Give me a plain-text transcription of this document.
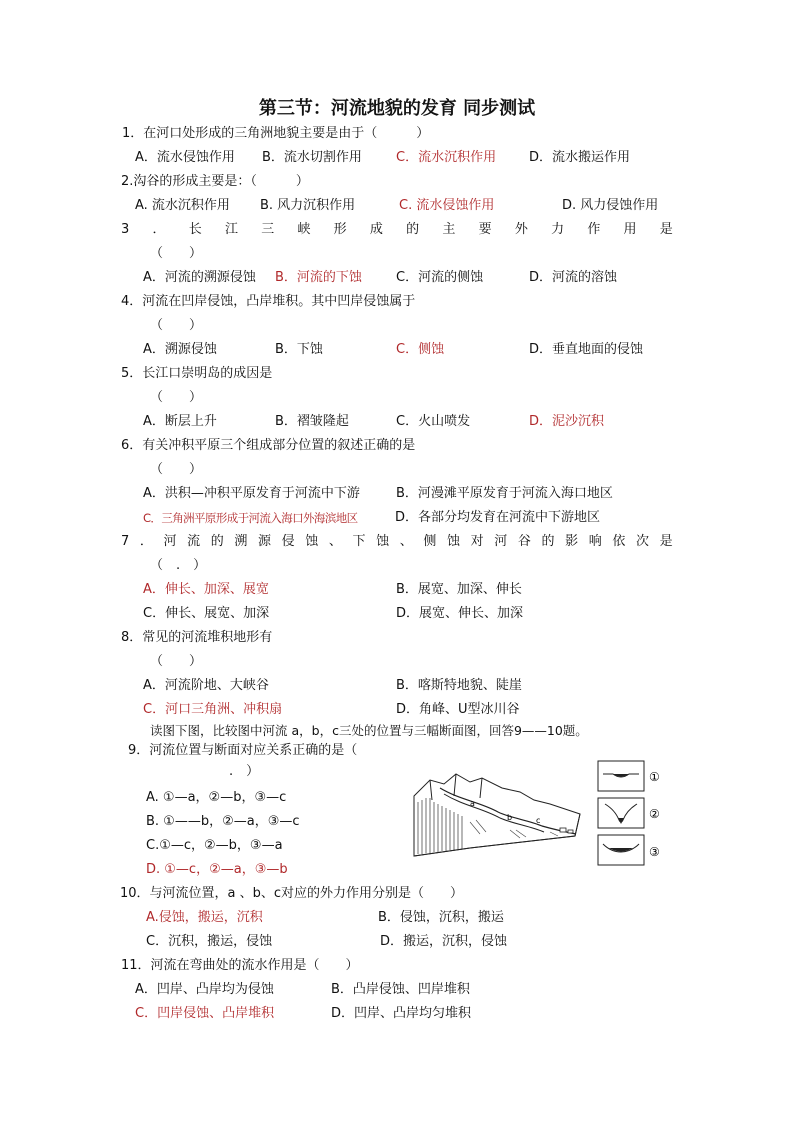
第三节：河流地貌的发育 同步测试
1．在河口处形成的三角洲地貌主要是由于（　　　）
A．流水侵蚀作用 B．流水切割作用	C．流水沉积作用	D．流水搬运作用
2.沟谷的形成主要是：（　　　）
A. 流水沉积作用 B. 风力沉积作用	C. 流水侵蚀作用	D. 风力侵蚀作用
3 ． 长 江 三 峡 形 成 的 主 要 外 力 作 用 是
（　　）
A．河流的溯源侵蚀 B．河流的下蚀	C．河流的侧蚀	D．河流的溶蚀
4．河流在凹岸侵蚀，凸岸堆积。其中凹岸侵蚀属于
（　　）
A．溯源侵蚀	B．下蚀	C．侧蚀	D．垂直地面的侵蚀
5．长江口崇明岛的成因是
（　　）
A．断层上升	B．褶皱隆起	C．火山喷发	D．泥沙沉积
6．有关冲积平原三个组成部分位置的叙述正确的是
（　　）
A．洪积—冲积平原发育于河流中下游	B．河漫滩平原发育于河流入海口地区
C．三角洲平原形成于河流入海口外海滨地区	D．各部分均发育在河流中下游地区
7 ． 河 流 的 溯 源 侵 蚀 、 下 蚀 、 侧 蚀 对 河 谷 的 影 响 依 次 是
（　.　）
A．伸长、加深、展宽	B．展宽、加深、伸长
C．伸长、展宽、加深	D．展宽、伸长、加深
8．常见的河流堆积地形有
（　　）
A．河流阶地、大峡谷	B．喀斯特地貌、陡崖
C．河口三角洲、冲积扇	D．角峰、U型冰川谷
读图下图，比较图中河流 a，b，c三处的位置与三幅断面图，回答9——10题。
9．河流位置与断面对应关系正确的是（
　　　.　）
A. ①—a，②—b，③—c
B. ①——b，②—a，③—c
C.①—c，②—b，③—a
D. ①—c，②—a，③—b
a
b	c
①
②
③
10．与河流位置，a 、b、c对应的外力作用分别是（　　）
A.侵蚀，搬运，沉积	B．侵蚀，沉积，搬运
C．沉积，搬运，侵蚀	D．搬运，沉积，侵蚀
11．河流在弯曲处的流水作用是（　　）
A．凹岸、凸岸均为侵蚀	B．凸岸侵蚀、凹岸堆积
C．凹岸侵蚀、凸岸堆积	D．凹岸、凸岸均匀堆积
